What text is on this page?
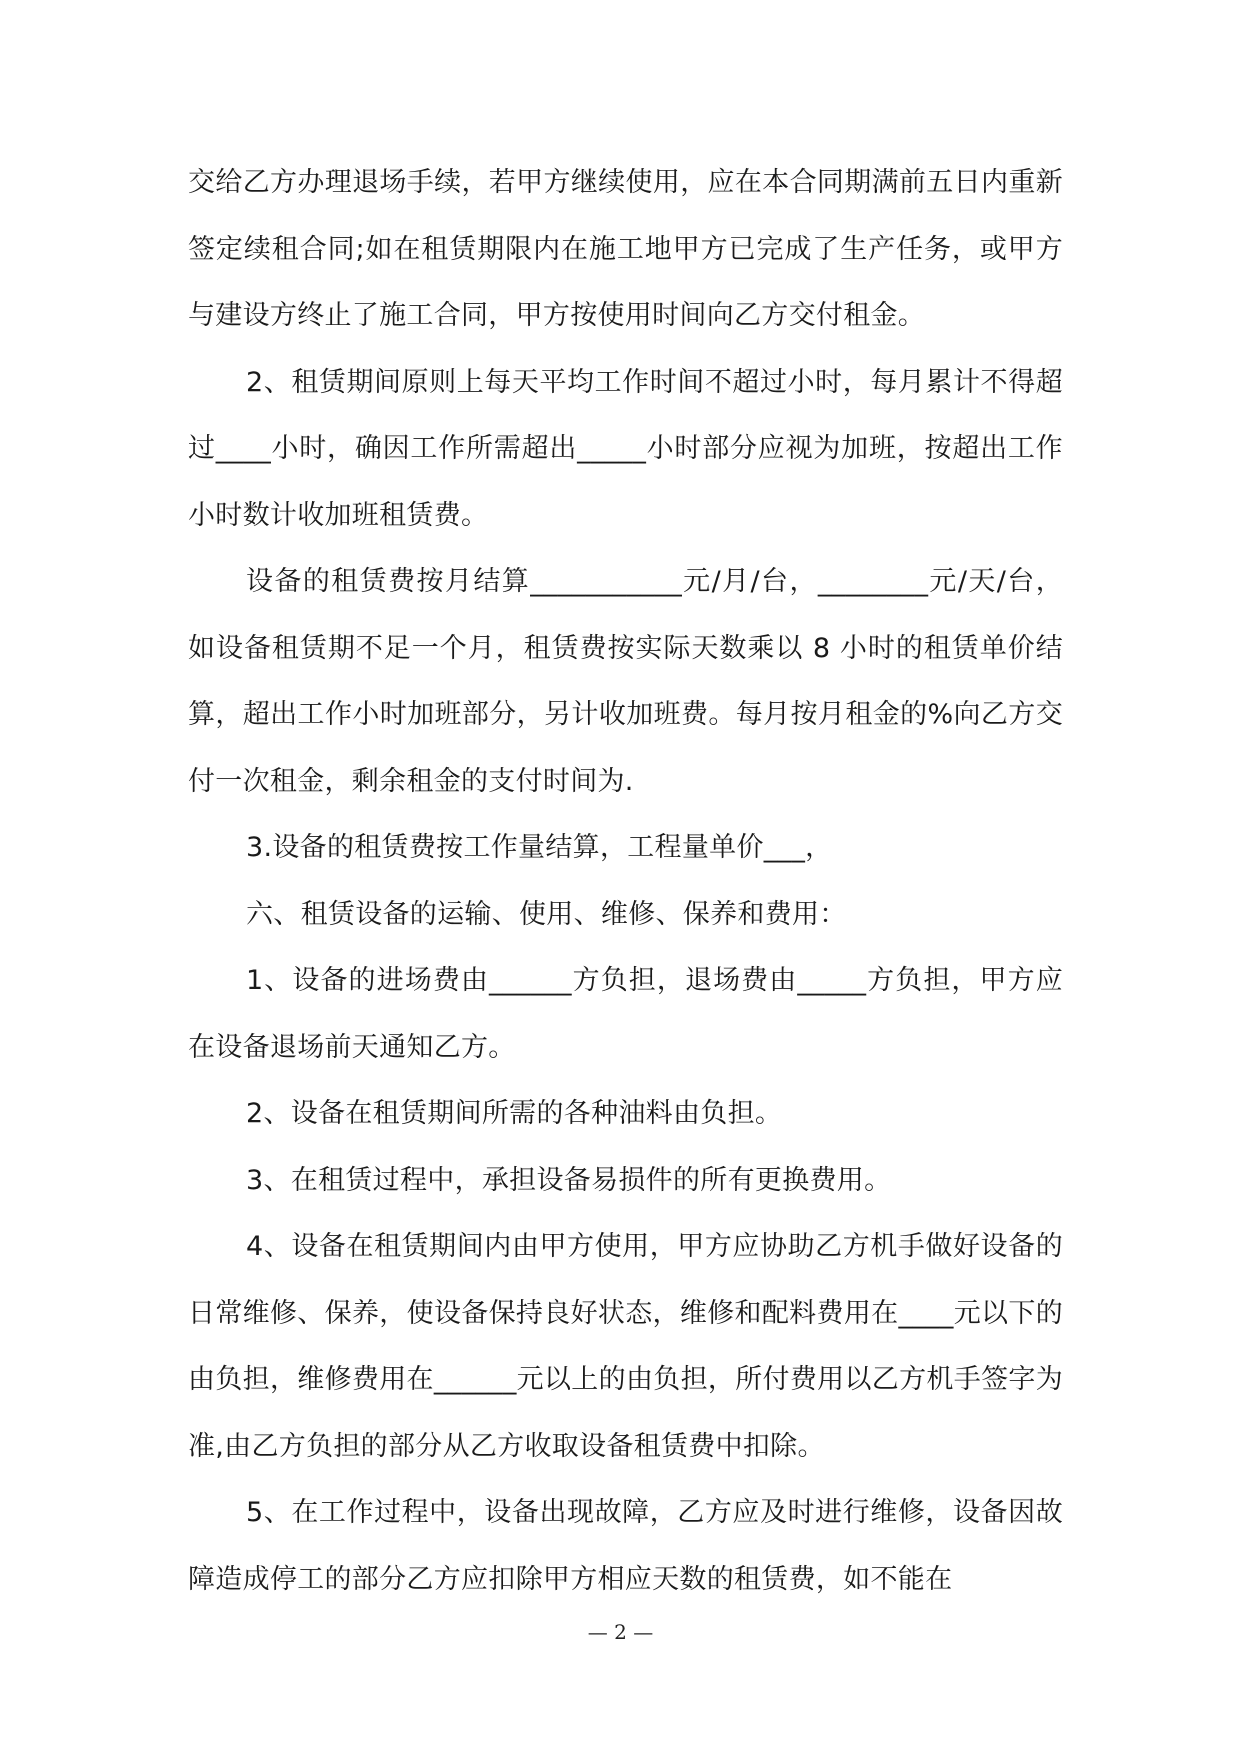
交给乙方办理退场手续，若甲方继续使用，应在本合同期满前五日内重新签定续租合同;如在租赁期限内在施工地甲方已完成了生产任务，或甲方与建设方终止了施工合同，甲方按使用时间向乙方交付租金。

2、租赁期间原则上每天平均工作时间不超过小时，每月累计不得超过____小时，确因工作所需超出_____小时部分应视为加班，按超出工作小时数计收加班租赁费。

设备的租赁费按月结算___________元/月/台，________元/天/台，如设备租赁期不足一个月，租赁费按实际天数乘以 8 小时的租赁单价结算，超出工作小时加班部分，另计收加班费。每月按月租金的%向乙方交付一次租金，剩余租金的支付时间为.

3.设备的租赁费按工作量结算，工程量单价___，

六、租赁设备的运输、使用、维修、保养和费用：

1、设备的进场费由______方负担，退场费由_____方负担，甲方应在设备退场前天通知乙方。

2、设备在租赁期间所需的各种油料由负担。

3、在租赁过程中，承担设备易损件的所有更换费用。

4、设备在租赁期间内由甲方使用，甲方应协助乙方机手做好设备的日常维修、保养，使设备保持良好状态，维修和配料费用在____元以下的由负担，维修费用在______元以上的由负担，所付费用以乙方机手签字为准,由乙方负担的部分从乙方收取设备租赁费中扣除。

5、在工作过程中，设备出现故障，乙方应及时进行维修，设备因故障造成停工的部分乙方应扣除甲方相应天数的租赁费，如不能在

— 2 —
